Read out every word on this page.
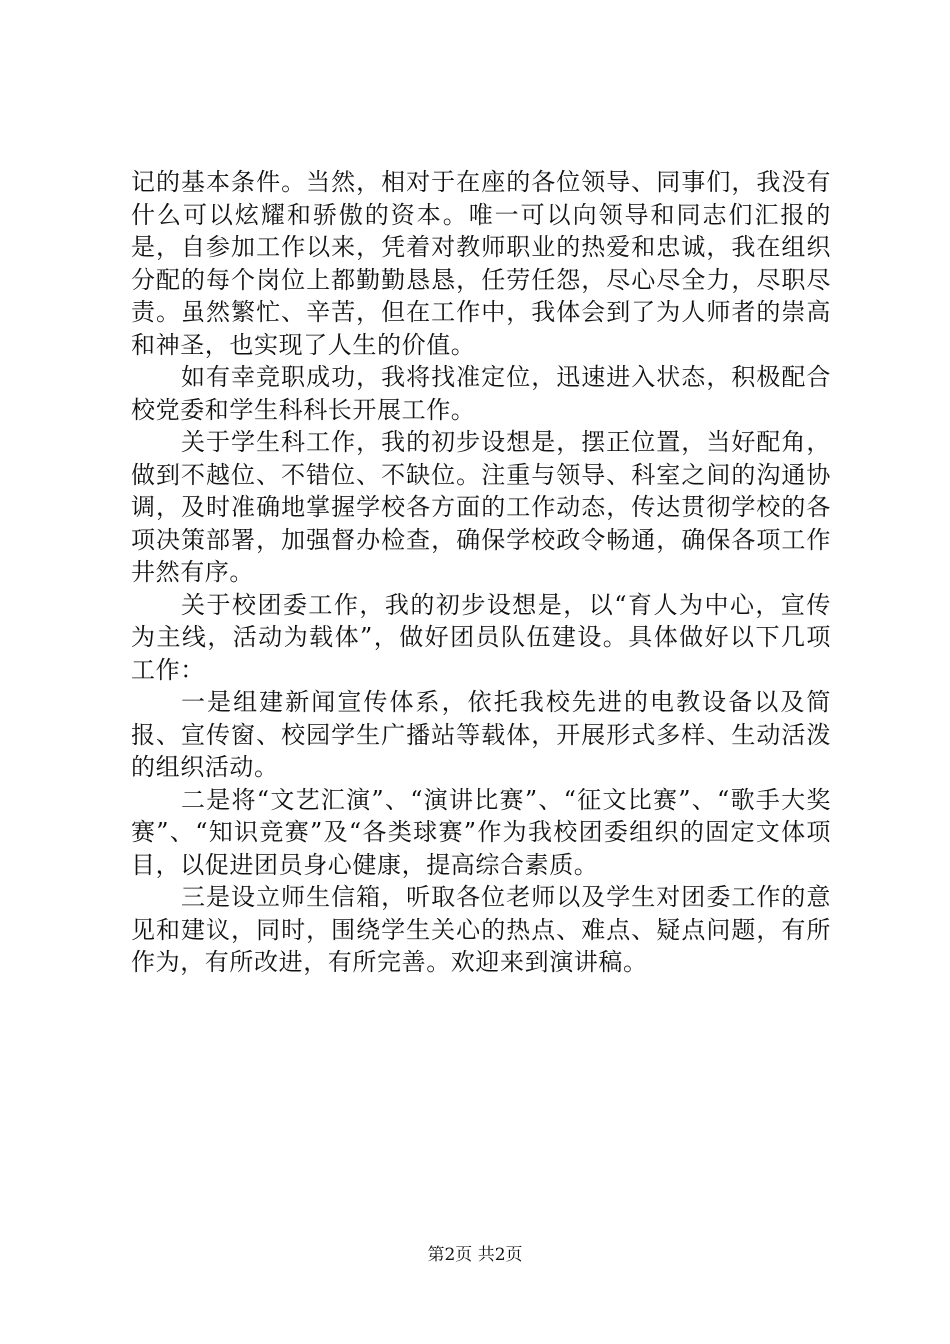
记的基本条件。当然，相对于在座的各位领导、同事们，我没有什么可以炫耀和骄傲的资本。唯一可以向领导和同志们汇报的是，自参加工作以来，凭着对教师职业的热爱和忠诚，我在组织分配的每个岗位上都勤勤恳恳，任劳任怨，尽心尽全力，尽职尽责。虽然繁忙、辛苦，但在工作中，我体会到了为人师者的崇高和神圣，也实现了人生的价值。

如有幸竞职成功，我将找准定位，迅速进入状态，积极配合校党委和学生科科长开展工作。

关于学生科工作，我的初步设想是，摆正位置，当好配角，做到不越位、不错位、不缺位。注重与领导、科室之间的沟通协调，及时准确地掌握学校各方面的工作动态，传达贯彻学校的各项决策部署，加强督办检查，确保学校政令畅通，确保各项工作井然有序。

关于校团委工作，我的初步设想是，以“育人为中心，宣传为主线，活动为载体”，做好团员队伍建设。具体做好以下几项工作：

一是组建新闻宣传体系，依托我校先进的电教设备以及简报、宣传窗、校园学生广播站等载体，开展形式多样、生动活泼的组织活动。

二是将“文艺汇演”、“演讲比赛”、“征文比赛”、“歌手大奖赛”、“知识竞赛”及“各类球赛”作为我校团委组织的固定文体项目，以促进团员身心健康，提高综合素质。

三是设立师生信箱，听取各位老师以及学生对团委工作的意见和建议，同时，围绕学生关心的热点、难点、疑点问题，有所作为，有所改进，有所完善。欢迎来到演讲稿。

第2页 共2页
